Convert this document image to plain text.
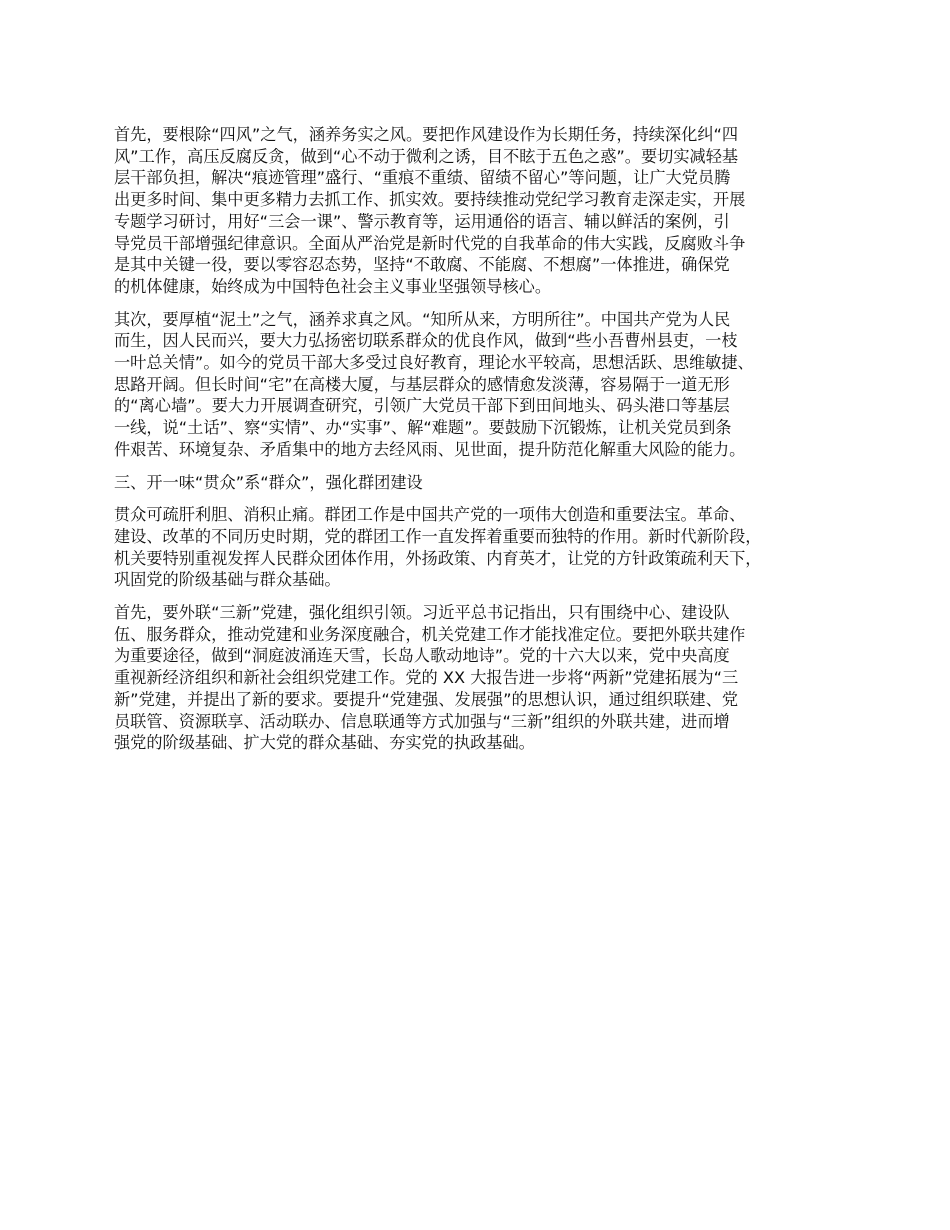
首先，要根除“四风”之气，涵养务实之风。要把作风建设作为长期任务，持续深化纠“四
风”工作，高压反腐反贪，做到“心不动于微利之诱，目不眩于五色之惑”。要切实减轻基
层干部负担，解决“痕迹管理”盛行、“重痕不重绩、留绩不留心”等问题，让广大党员腾
出更多时间、集中更多精力去抓工作、抓实效。要持续推动党纪学习教育走深走实，开展
专题学习研讨，用好“三会一课”、警示教育等，运用通俗的语言、辅以鲜活的案例，引
导党员干部增强纪律意识。全面从严治党是新时代党的自我革命的伟大实践，反腐败斗争
是其中关键一役，要以零容忍态势，坚持“不敢腐、不能腐、不想腐”一体推进，确保党
的机体健康，始终成为中国特色社会主义事业坚强领导核心。

其次，要厚植“泥土”之气，涵养求真之风。“知所从来，方明所往”。中国共产党为人民
而生，因人民而兴，要大力弘扬密切联系群众的优良作风，做到“些小吾曹州县吏，一枝
一叶总关情”。如今的党员干部大多受过良好教育，理论水平较高，思想活跃、思维敏捷、
思路开阔。但长时间“宅”在高楼大厦，与基层群众的感情愈发淡薄，容易隔于一道无形
的“离心墙”。要大力开展调查研究，引领广大党员干部下到田间地头、码头港口等基层
一线，说“土话”、察“实情”、办“实事”、解“难题”。要鼓励下沉锻炼，让机关党员到条
件艰苦、环境复杂、矛盾集中的地方去经风雨、见世面，提升防范化解重大风险的能力。

三、开一味“贯众”系“群众”，强化群团建设

贯众可疏肝利胆、消积止痛。群团工作是中国共产党的一项伟大创造和重要法宝。革命、
建设、改革的不同历史时期，党的群团工作一直发挥着重要而独特的作用。新时代新阶段，
机关要特别重视发挥人民群众团体作用，外扬政策、内育英才，让党的方针政策疏利天下，
巩固党的阶级基础与群众基础。

首先，要外联“三新”党建，强化组织引领。习近平总书记指出，只有围绕中心、建设队
伍、服务群众，推动党建和业务深度融合，机关党建工作才能找准定位。要把外联共建作
为重要途径，做到“洞庭波涌连天雪，长岛人歌动地诗”。党的十六大以来，党中央高度
重视新经济组织和新社会组织党建工作。党的 XX 大报告进一步将“两新”党建拓展为“三
新”党建，并提出了新的要求。要提升“党建强、发展强”的思想认识，通过组织联建、党
员联管、资源联享、活动联办、信息联通等方式加强与“三新”组织的外联共建，进而增
强党的阶级基础、扩大党的群众基础、夯实党的执政基础。
